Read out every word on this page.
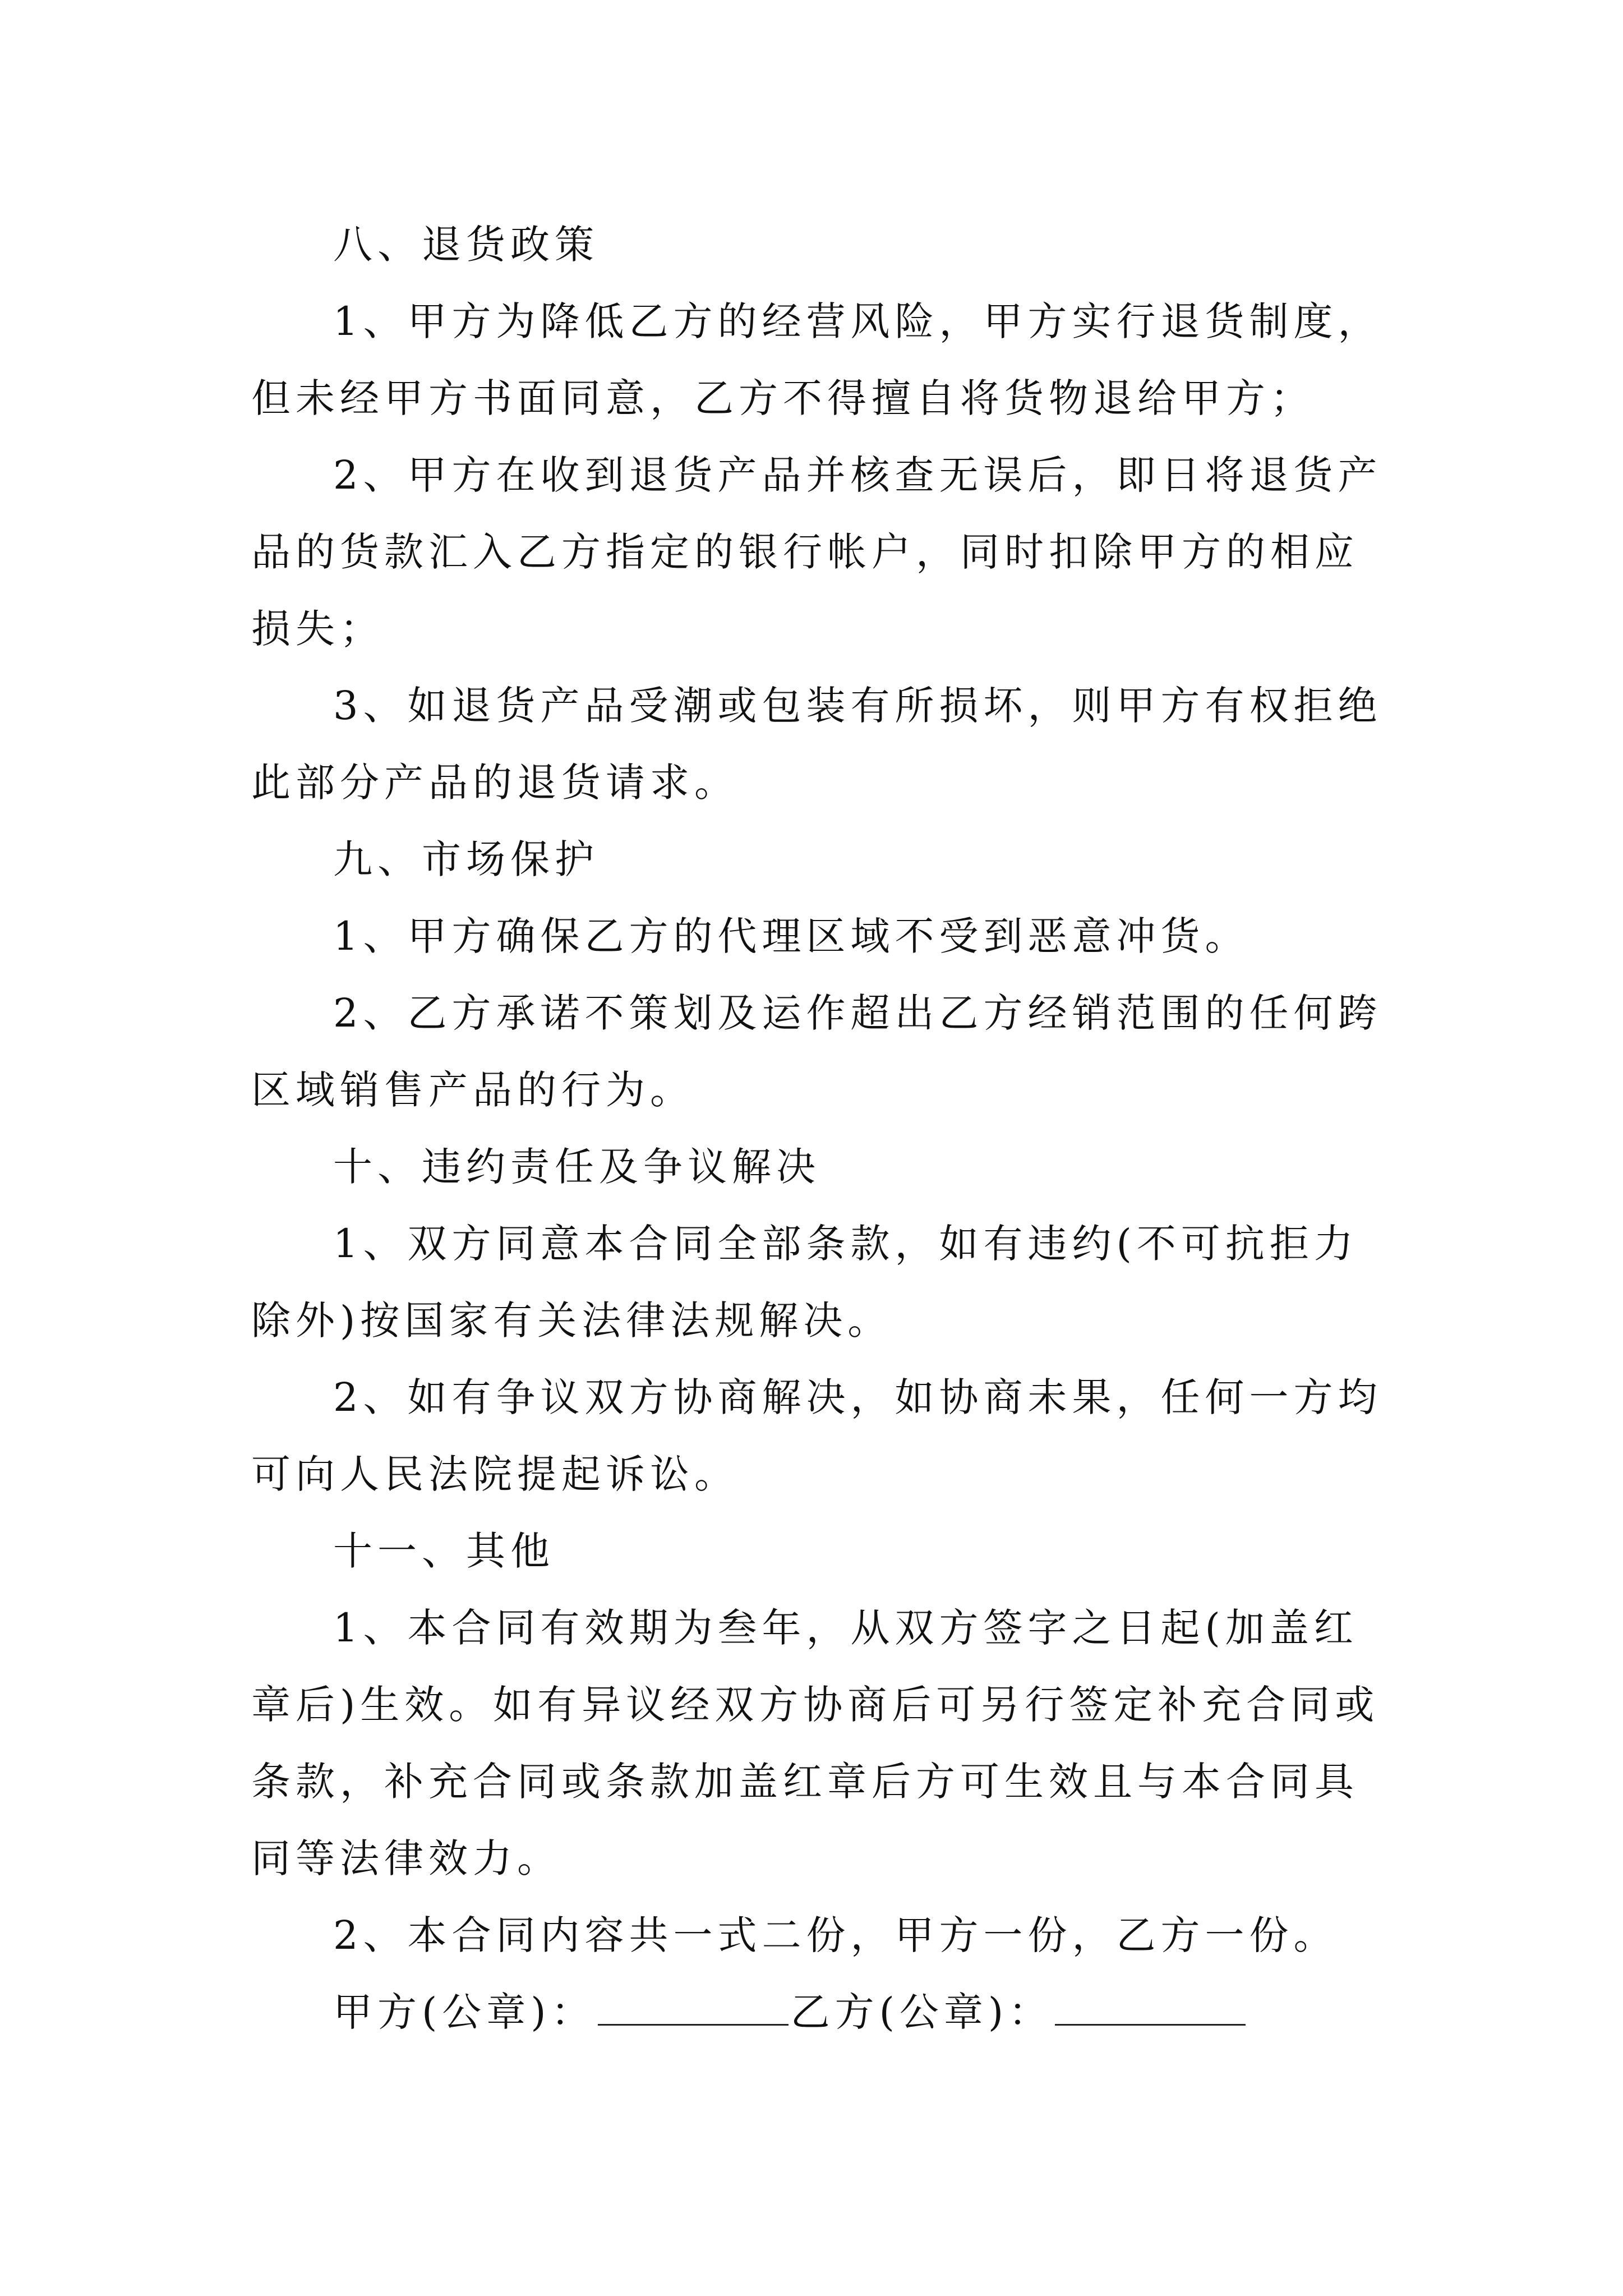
八、退货政策
1、甲方为降低乙方的经营风险，甲方实行退货制度，但未经甲方书面同意，乙方不得擅自将货物退给甲方；
2、甲方在收到退货产品并核查无误后，即日将退货产品的货款汇入乙方指定的银行帐户，同时扣除甲方的相应损失；
3、如退货产品受潮或包装有所损坏，则甲方有权拒绝此部分产品的退货请求。
九、市场保护
1、甲方确保乙方的代理区域不受到恶意冲货。
2、乙方承诺不策划及运作超出乙方经销范围的任何跨区域销售产品的行为。
十、违约责任及争议解决
1、双方同意本合同全部条款，如有违约(不可抗拒力除外)按国家有关法律法规解决。
2、如有争议双方协商解决，如协商未果，任何一方均可向人民法院提起诉讼。
十一、其他
1、本合同有效期为叁年，从双方签字之日起(加盖红章后)生效。如有异议经双方协商后可另行签定补充合同或条款，补充合同或条款加盖红章后方可生效且与本合同具同等法律效力。
2、本合同内容共一式二份，甲方一份，乙方一份。
甲方(公章)：	乙方(公章)：
